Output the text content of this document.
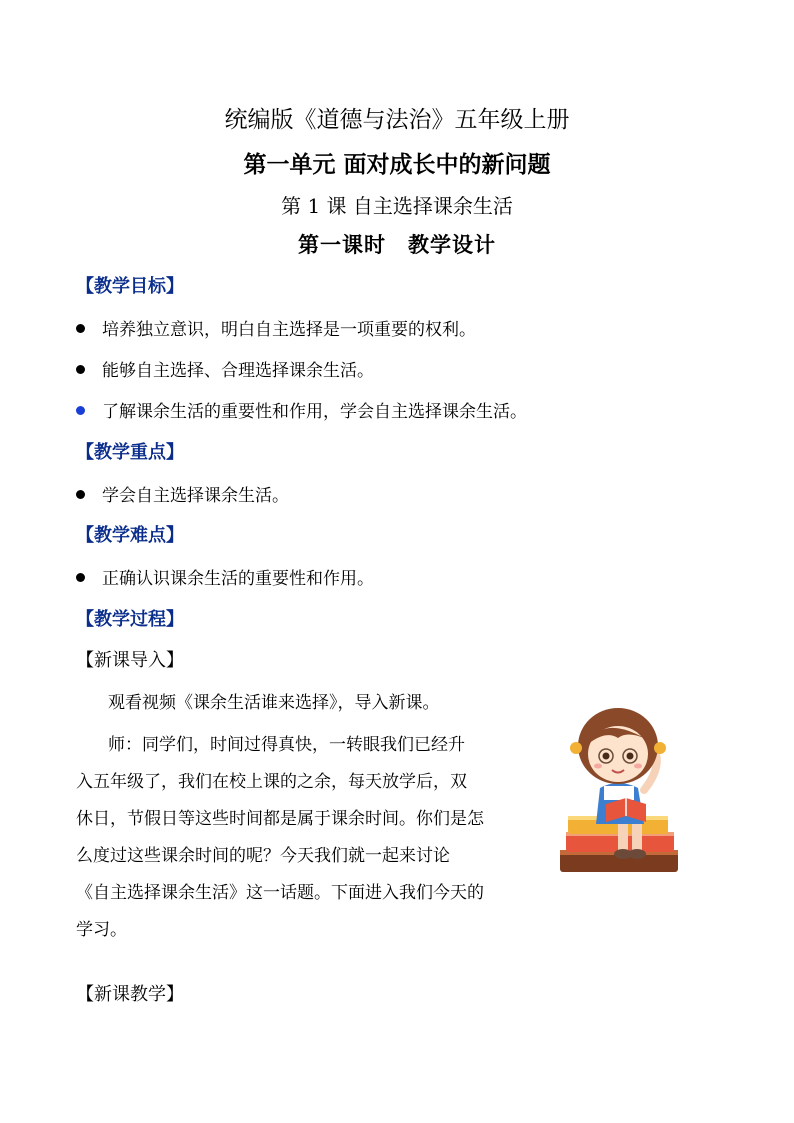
统编版《道德与法治》五年级上册
第一单元 面对成长中的新问题
第 1 课 自主选择课余生活
第一课时 教学设计
【教学目标】
培养独立意识，明白自主选择是一项重要的权利。
能够自主选择、合理选择课余生活。
了解课余生活的重要性和作用，学会自主选择课余生活。
【教学重点】
学会自主选择课余生活。
【教学难点】
正确认识课余生活的重要性和作用。
【教学过程】
【新课导入】
观看视频《课余生活谁来选择》，导入新课。
师：同学们，时间过得真快，一转眼我们已经升
入五年级了，我们在校上课的之余，每天放学后，双
休日，节假日等这些时间都是属于课余时间。你们是怎
么度过这些课余时间的呢？今天我们就一起来讨论
《自主选择课余生活》这一话题。下面进入我们今天的
学习。
【新课教学】
